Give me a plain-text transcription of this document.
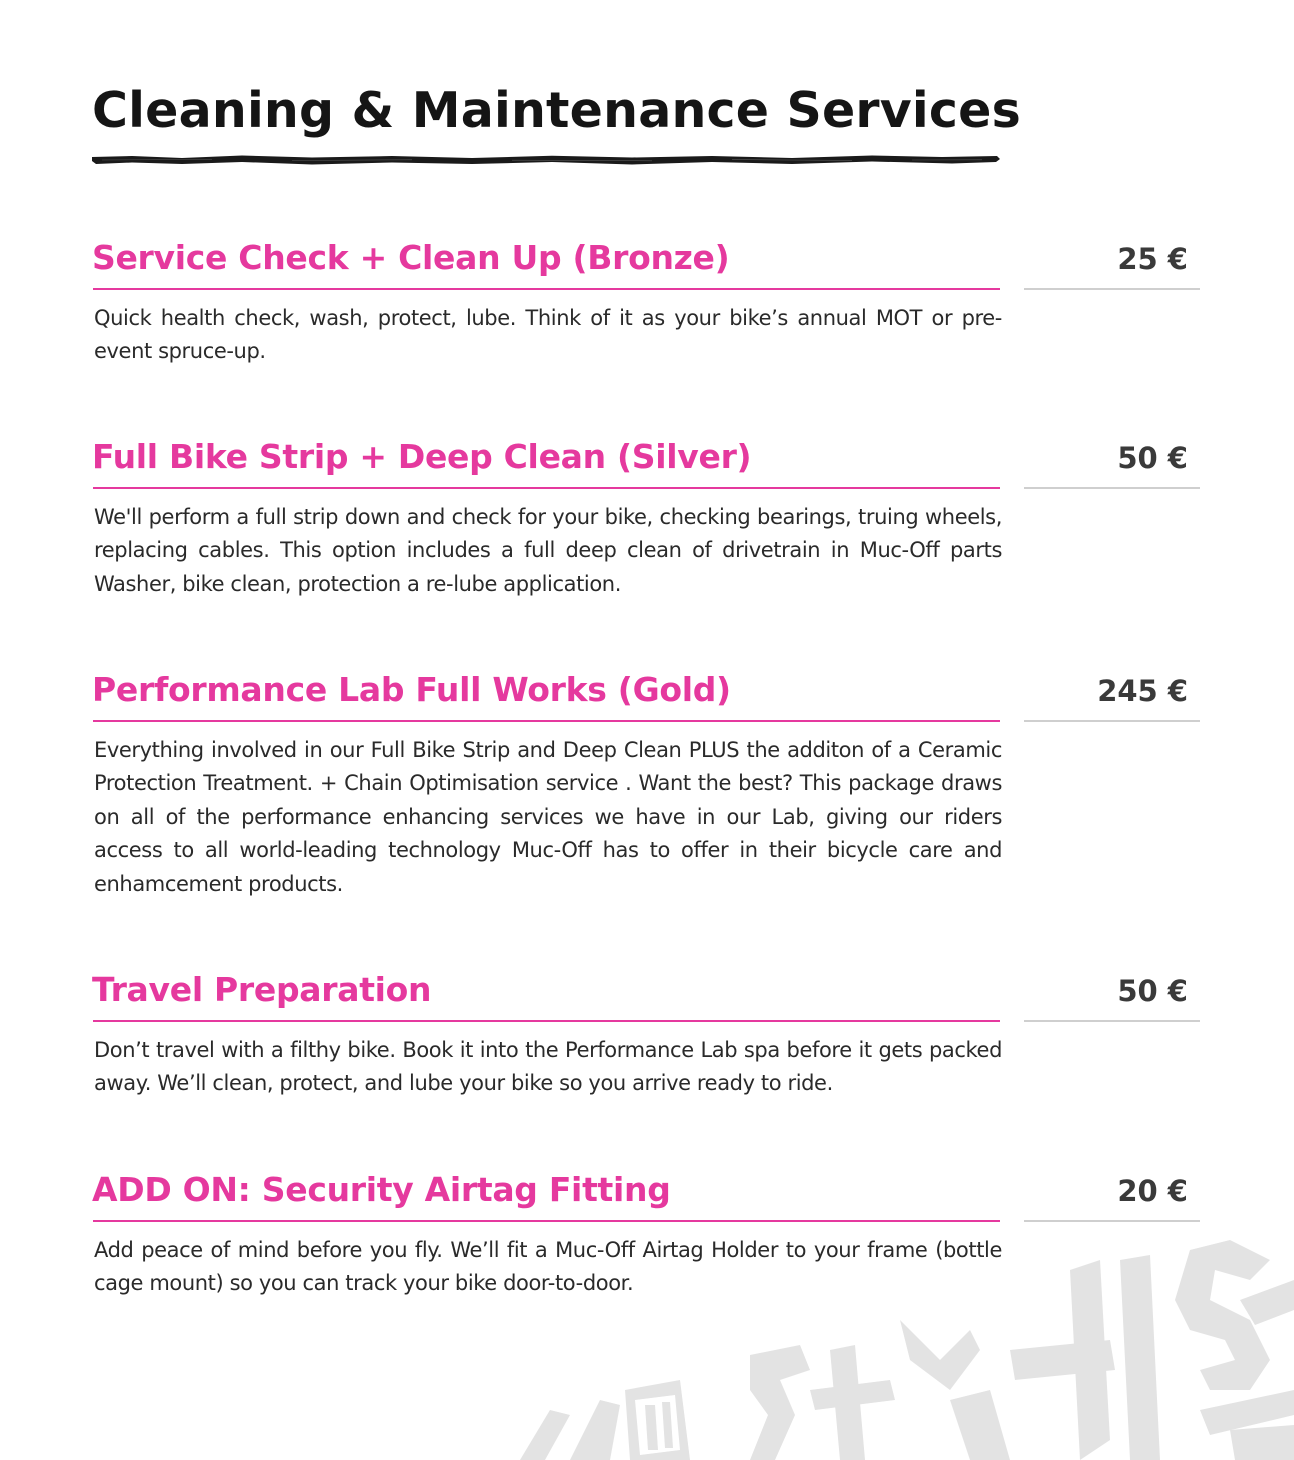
Cleaning & Maintenance Services
Service Check + Clean Up (Bronze)	25 €

Quick health check, wash, protect, lube. Think of it as your bike’s annual MOT or pre-event spruce-up.

Full Bike Strip + Deep Clean (Silver)	50 €

We'll perform a full strip down and check for your bike, checking bearings, truing wheels, replacing cables. This option includes a full deep clean of drivetrain in Muc-Off parts Washer, bike clean, protection a re-lube application.

Performance Lab Full Works (Gold)	245 €

Everything involved in our Full Bike Strip and Deep Clean PLUS the additon of a Ceramic Protection Treatment. + Chain Optimisation service . Want the best? This package draws on all of the performance enhancing services we have in our Lab, giving our riders access to all world-leading technology Muc-Off has to offer in their bicycle care and enhamcement products.

Travel Preparation	50 €

Don’t travel with a filthy bike. Book it into the Performance Lab spa before it gets packed away. We’ll clean, protect, and lube your bike so you arrive ready to ride.

ADD ON: Security Airtag Fitting	20 €

Add peace of mind before you fly. We’ll fit a Muc-Off Airtag Holder to your frame (bottle cage mount) so you can track your bike door-to-door.
